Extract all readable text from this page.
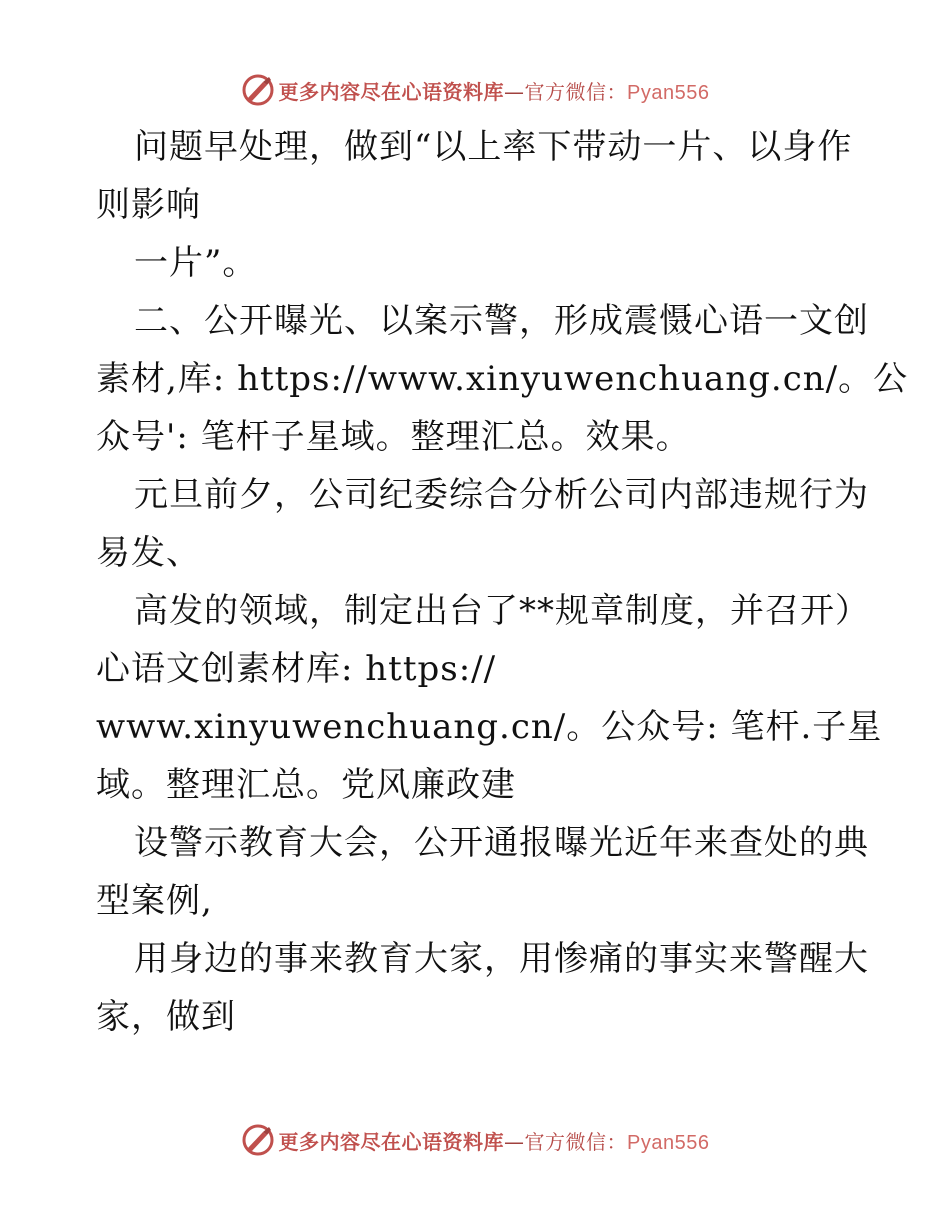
更多内容尽在心语资料库—官方微信：Pyan556
问题早处理，做到“以上率下带动一片、以身作
则影响
一片”。
二、公开曝光、以案示警，形成震慑心语一文创
素材,库: https://www.xinyuwenchuang.cn/。公
众号': 笔杆子星域。整理汇总。效果。
元旦前夕，公司纪委综合分析公司内部违规行为
易发、
高发的领域，制定出台了**规章制度，并召开）
心语文创素材库: https://
www.xinyuwenchuang.cn/。公众号: 笔杆.子星
域。整理汇总。党风廉政建
设警示教育大会，公开通报曝光近年来查处的典
型案例,
用身边的事来教育大家，用惨痛的事实来警醒大
家，做到
更多内容尽在心语资料库—官方微信：Pyan556
